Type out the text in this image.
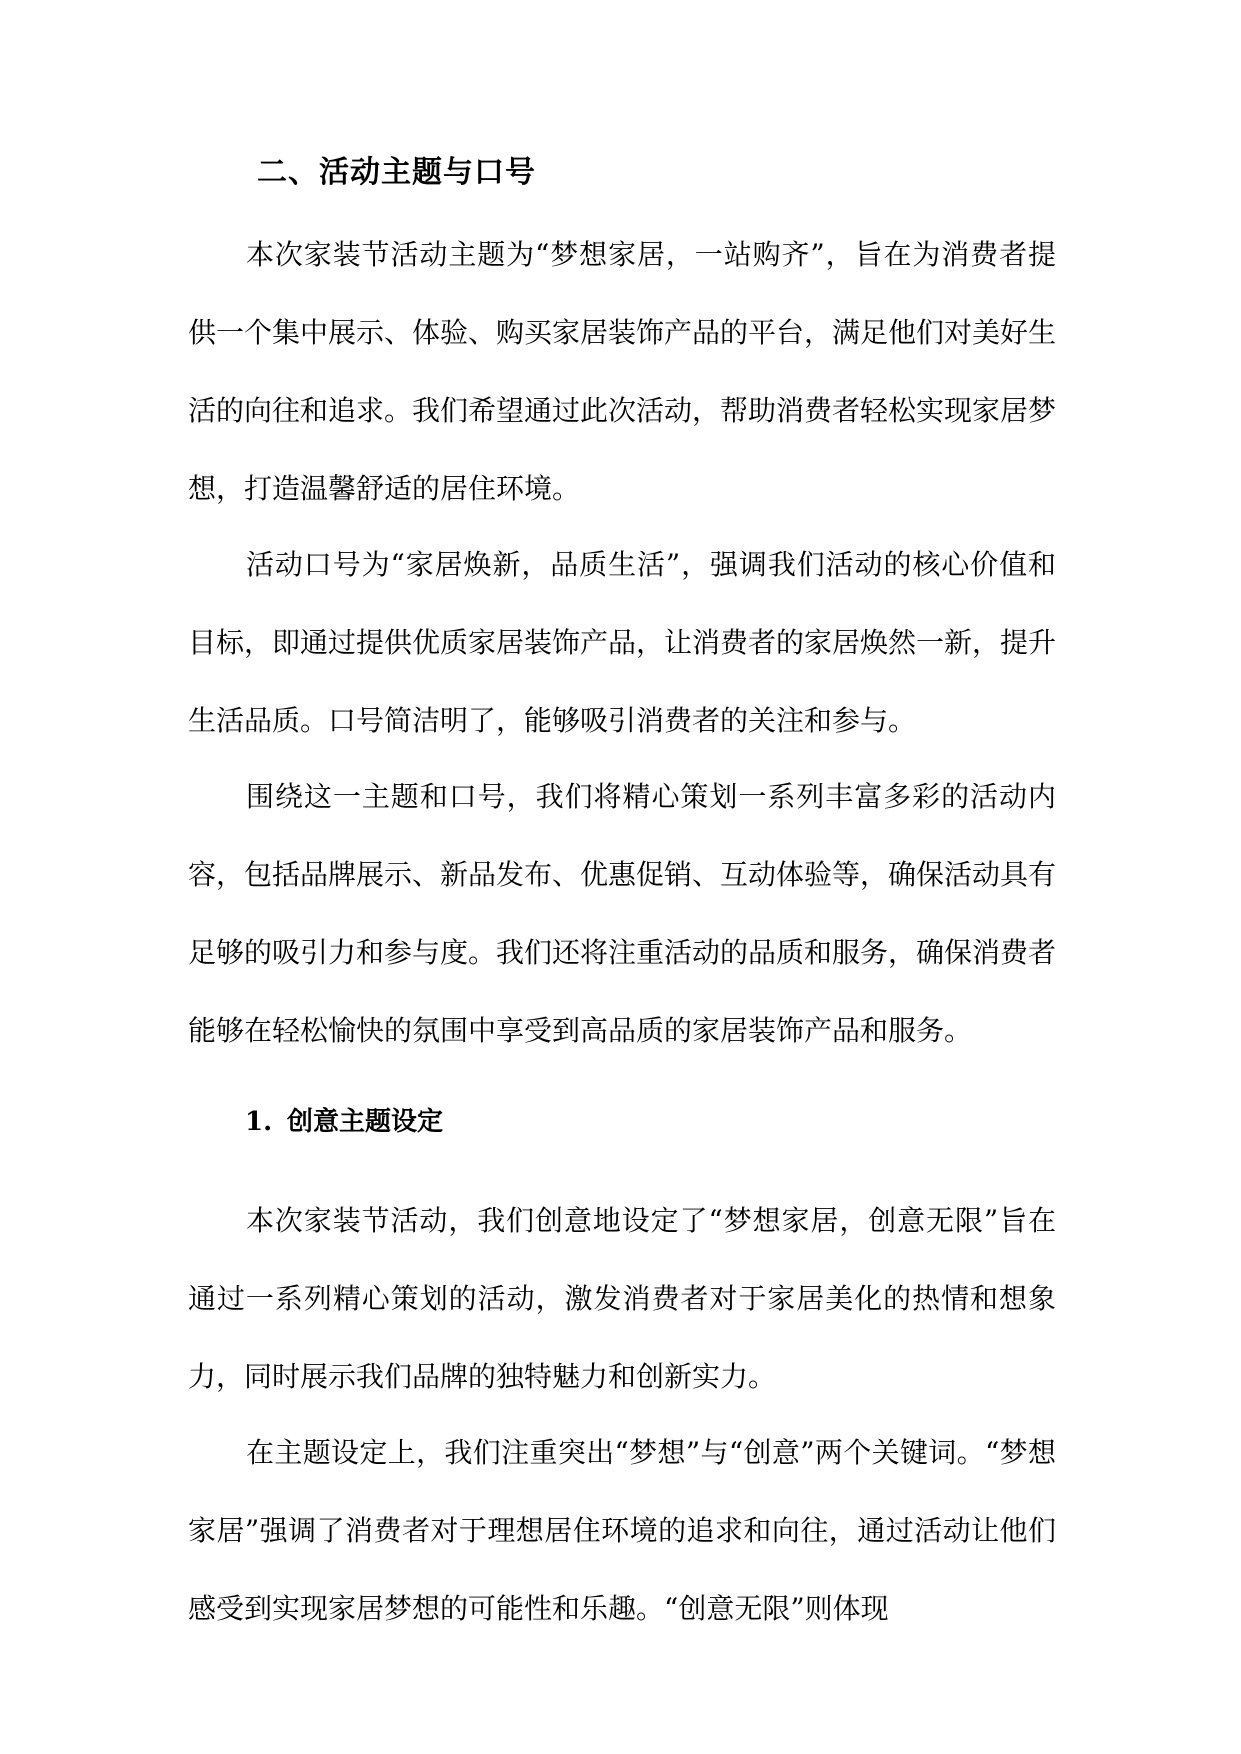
二、活动主题与口号

本次家装节活动主题为“梦想家居，一站购齐”，旨在为消费者提供一个集中展示、体验、购买家居装饰产品的平台，满足他们对美好生活的向往和追求。我们希望通过此次活动，帮助消费者轻松实现家居梦想，打造温馨舒适的居住环境。

活动口号为“家居焕新，品质生活”，强调我们活动的核心价值和目标，即通过提供优质家居装饰产品，让消费者的家居焕然一新，提升生活品质。口号简洁明了，能够吸引消费者的关注和参与。

围绕这一主题和口号，我们将精心策划一系列丰富多彩的活动内容，包括品牌展示、新品发布、优惠促销、互动体验等，确保活动具有足够的吸引力和参与度。我们还将注重活动的品质和服务，确保消费者能够在轻松愉快的氛围中享受到高品质的家居装饰产品和服务。

1. 创意主题设定

本次家装节活动，我们创意地设定了“梦想家居，创意无限”旨在通过一系列精心策划的活动，激发消费者对于家居美化的热情和想象力，同时展示我们品牌的独特魅力和创新实力。

在主题设定上，我们注重突出“梦想”与“创意”两个关键词。“梦想家居”强调了消费者对于理想居住环境的追求和向往，通过活动让他们感受到实现家居梦想的可能性和乐趣。“创意无限”则体现
